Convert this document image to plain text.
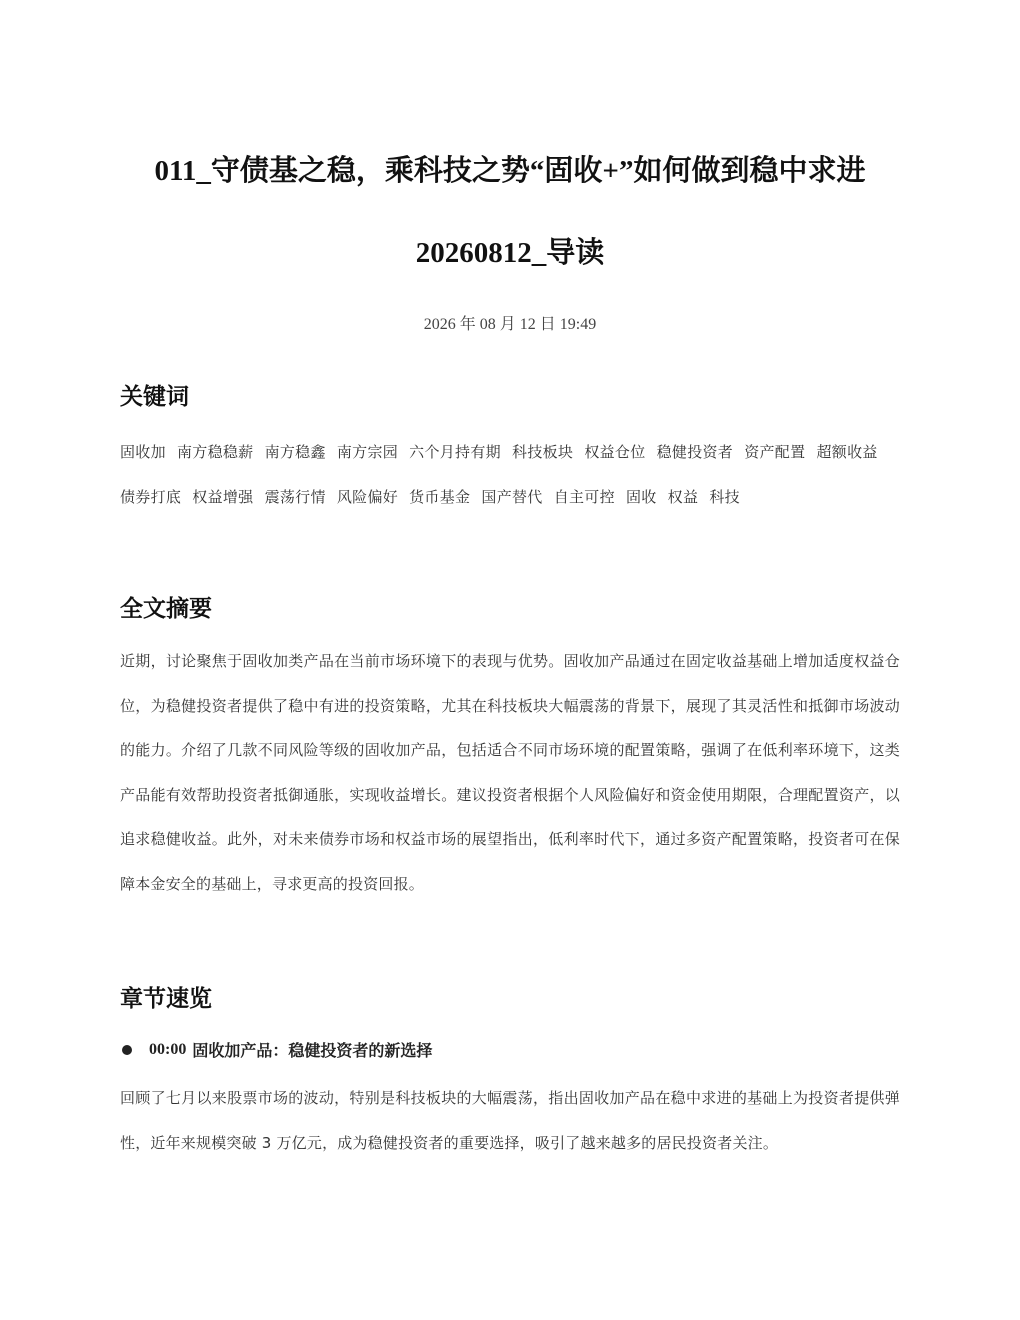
011_守债基之稳，乘科技之势“固收+”如何做到稳中求进
20260812_导读
2026 年 08 月 12 日 19:49
关键词
固收加 南方稳稳薪 南方稳鑫 南方宗园 六个月持有期 科技板块 权益仓位 稳健投资者 资产配置 超额收益 债券打底 权益增强 震荡行情 风险偏好 货币基金 国产替代 自主可控 固收 权益 科技
全文摘要

近期，讨论聚焦于固收加类产品在当前市场环境下的表现与优势。固收加产品通过在固定收益基础上增加适度权益仓位，为稳健投资者提供了稳中有进的投资策略，尤其在科技板块大幅震荡的背景下，展现了其灵活性和抵御市场波动的能力。介绍了几款不同风险等级的固收加产品，包括适合不同市场环境的配置策略，强调了在低利率环境下，这类产品能有效帮助投资者抵御通胀，实现收益增长。建议投资者根据个人风险偏好和资金使用期限，合理配置资产，以追求稳健收益。此外，对未来债券市场和权益市场的展望指出，低利率时代下，通过多资产配置策略，投资者可在保障本金安全的基础上，寻求更高的投资回报。

章节速览
00:00 固收加产品：稳健投资者的新选择

回顾了七月以来股票市场的波动，特别是科技板块的大幅震荡，指出固收加产品在稳中求进的基础上为投资者提供弹性，近年来规模突破 3 万亿元，成为稳健投资者的重要选择，吸引了越来越多的居民投资者关注。
